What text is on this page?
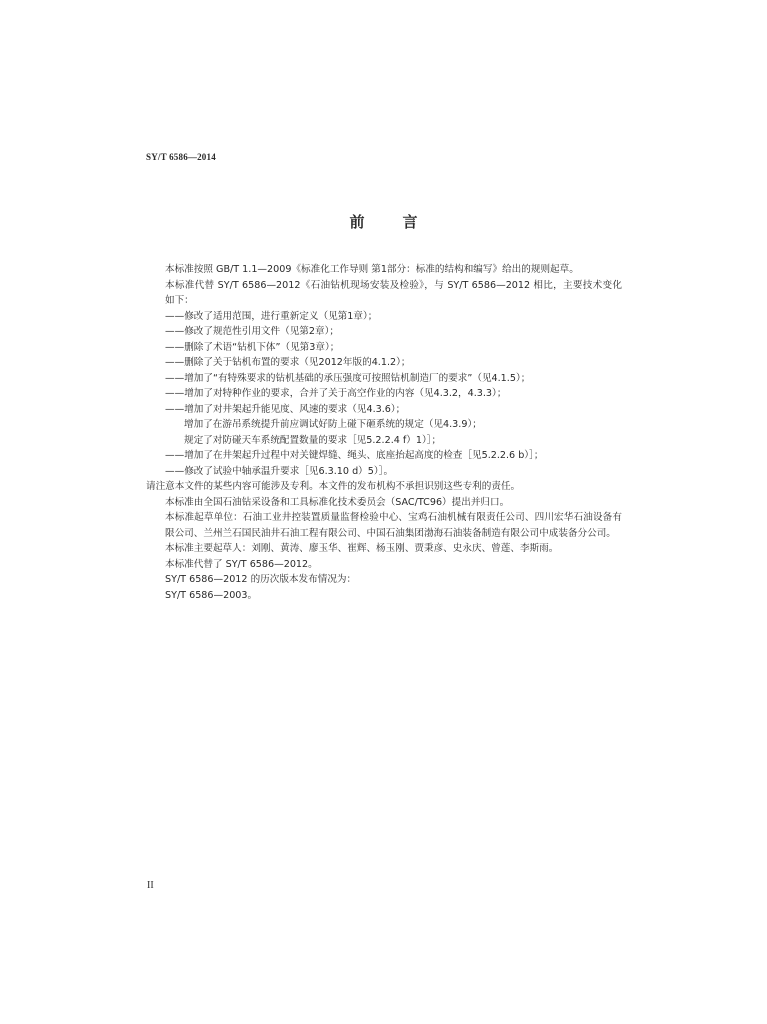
SY/T 6586—2014
前言

本标准按照 GB/T 1.1—2009《标准化工作导则 第1部分：标准的结构和编写》给出的规则起草。

本标准代替 SY/T 6586—2012《石油钻机现场安装及检验》，与 SY/T 6586—2012 相比，主要技术变化如下：

——修改了适用范围，进行重新定义（见第1章）；

——修改了规范性引用文件（见第2章）；

——删除了术语“钻机下体”（见第3章）；

——删除了关于钻机布置的要求（见2012年版的4.1.2）；

——增加了“有特殊要求的钻机基础的承压强度可按照钻机制造厂的要求”（见4.1.5）；

——增加了对特种作业的要求，合并了关于高空作业的内容（见4.3.2，4.3.3）；

——增加了对井架起升能见度、风速的要求（见4.3.6）；

增加了在游吊系统提升前应调试好防上碰下砸系统的规定（见4.3.9）；

规定了对防碰天车系统配置数量的要求［见5.2.2.4 f）1）］；

——增加了在井架起升过程中对关键焊缝、绳头、底座抬起高度的检查［见5.2.2.6 b）］；

——修改了试验中轴承温升要求［见6.3.10 d）5）］。

请注意本文件的某些内容可能涉及专利。本文件的发布机构不承担识别这些专利的责任。

本标准由全国石油钻采设备和工具标准化技术委员会（SAC/TC96）提出并归口。

本标准起草单位：石油工业井控装置质量监督检验中心、宝鸡石油机械有限责任公司、四川宏华石油设备有限公司、兰州兰石国民油井石油工程有限公司、中国石油集团渤海石油装备制造有限公司中成装备分公司。

本标准主要起草人：刘刚、黄涛、廖玉华、崔辉、杨玉刚、贾秉彦、史永庆、曾莲、李斯雨。

本标准代替了 SY/T 6586—2012。

SY/T 6586—2012 的历次版本发布情况为：

SY/T 6586—2003。

II
